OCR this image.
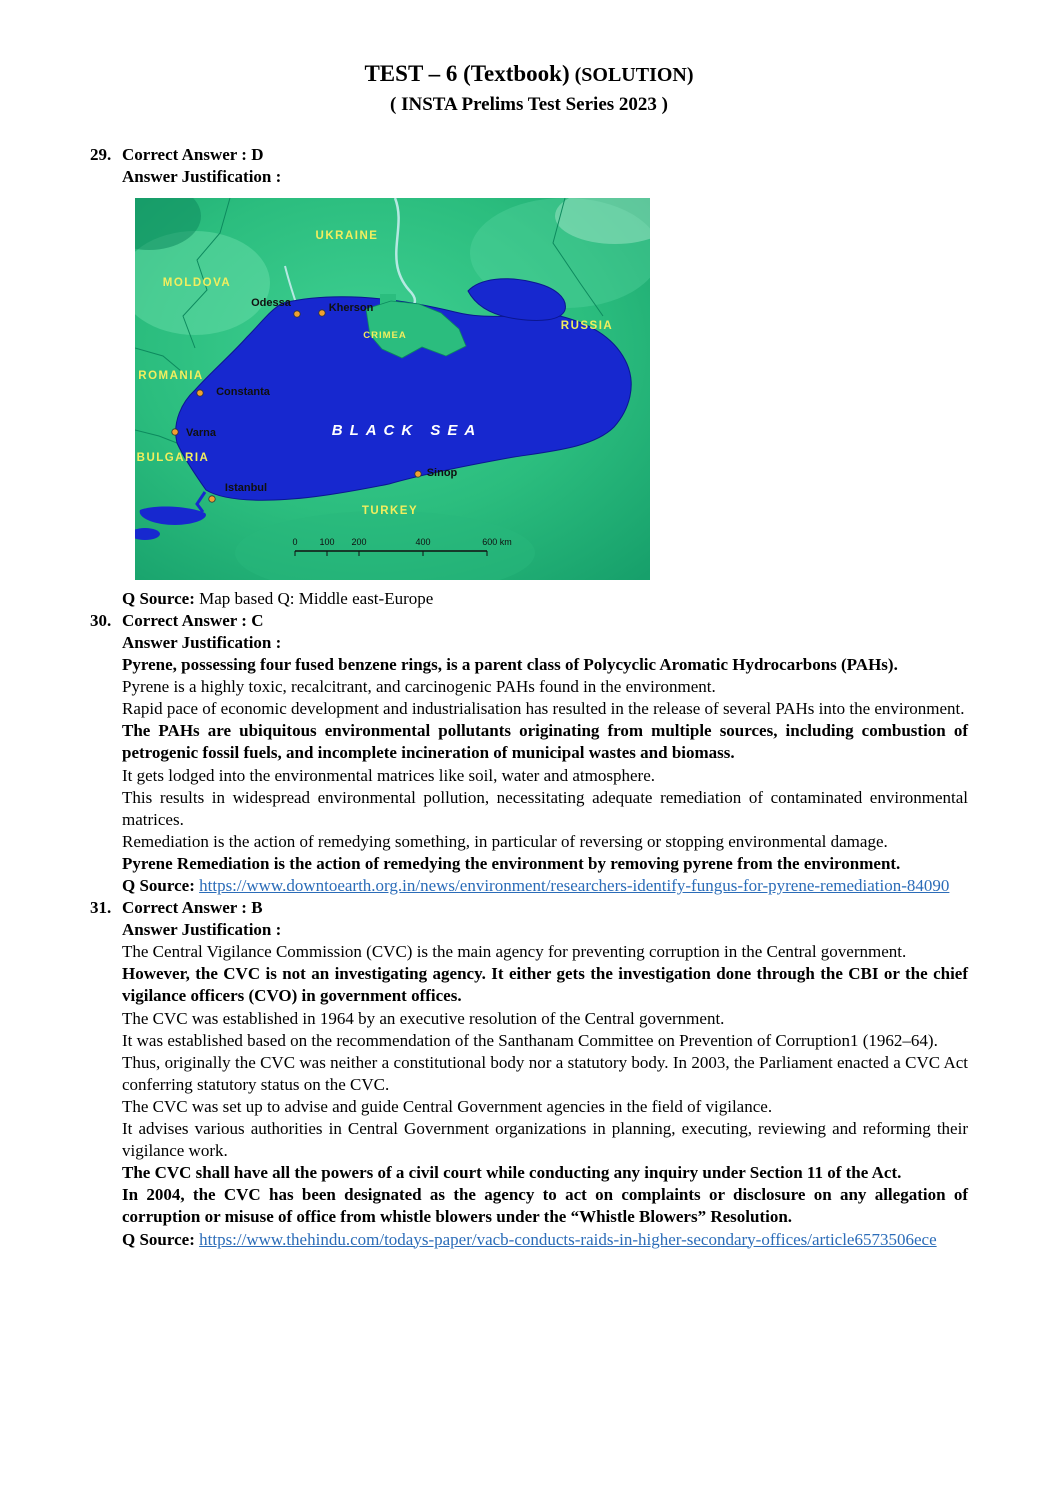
TEST – 6 (Textbook) (SOLUTION)
( INSTA Prelims Test Series 2023 )
29. Correct Answer : D
Answer Justification :
UKRAINE
MOLDOVA
RUSSIA
ROMANIA
BULGARIA
TURKEY
CRIMEA
Odessa	Kherson
Constanta
Varna
Istanbul
Sinop
BLACK SEA
0 100 200	400	600 km
Q Source: Map based Q: Middle east-Europe
30. Correct Answer : C
Answer Justification :
Pyrene, possessing four fused benzene rings, is a parent class of Polycyclic Aromatic Hydrocarbons (PAHs).
Pyrene is a highly toxic, recalcitrant, and carcinogenic PAHs found in the environment.
Rapid pace of economic development and industrialisation has resulted in the release of several PAHs into the environment.
The PAHs are ubiquitous environmental pollutants originating from multiple sources, including combustion of petrogenic fossil fuels, and incomplete incineration of municipal wastes and biomass.
It gets lodged into the environmental matrices like soil, water and atmosphere.
This results in widespread environmental pollution, necessitating adequate remediation of contaminated environmental matrices.
Remediation is the action of remedying something, in particular of reversing or stopping environmental damage.
Pyrene Remediation is the action of remedying the environment by removing pyrene from the environment.
Q Source: https://www.downtoearth.org.in/news/environment/researchers-identify-fungus-for-pyrene-remediation-84090
31. Correct Answer : B
Answer Justification :
The Central Vigilance Commission (CVC) is the main agency for preventing corruption in the Central government.
However, the CVC is not an investigating agency. It either gets the investigation done through the CBI or the chief vigilance officers (CVO) in government offices.
The CVC was established in 1964 by an executive resolution of the Central government.
It was established based on the recommendation of the Santhanam Committee on Prevention of Corruption1 (1962–64).
Thus, originally the CVC was neither a constitutional body nor a statutory body. In 2003, the Parliament enacted a CVC Act conferring statutory status on the CVC.
The CVC was set up to advise and guide Central Government agencies in the field of vigilance.
It advises various authorities in Central Government organizations in planning, executing, reviewing and reforming their vigilance work.
The CVC shall have all the powers of a civil court while conducting any inquiry under Section 11 of the Act.
In 2004, the CVC has been designated as the agency to act on complaints or disclosure on any allegation of corruption or misuse of office from whistle blowers under the “Whistle Blowers” Resolution.
Q Source: https://www.thehindu.com/todays-paper/vacb-conducts-raids-in-higher-secondary-offices/article6573506ece
